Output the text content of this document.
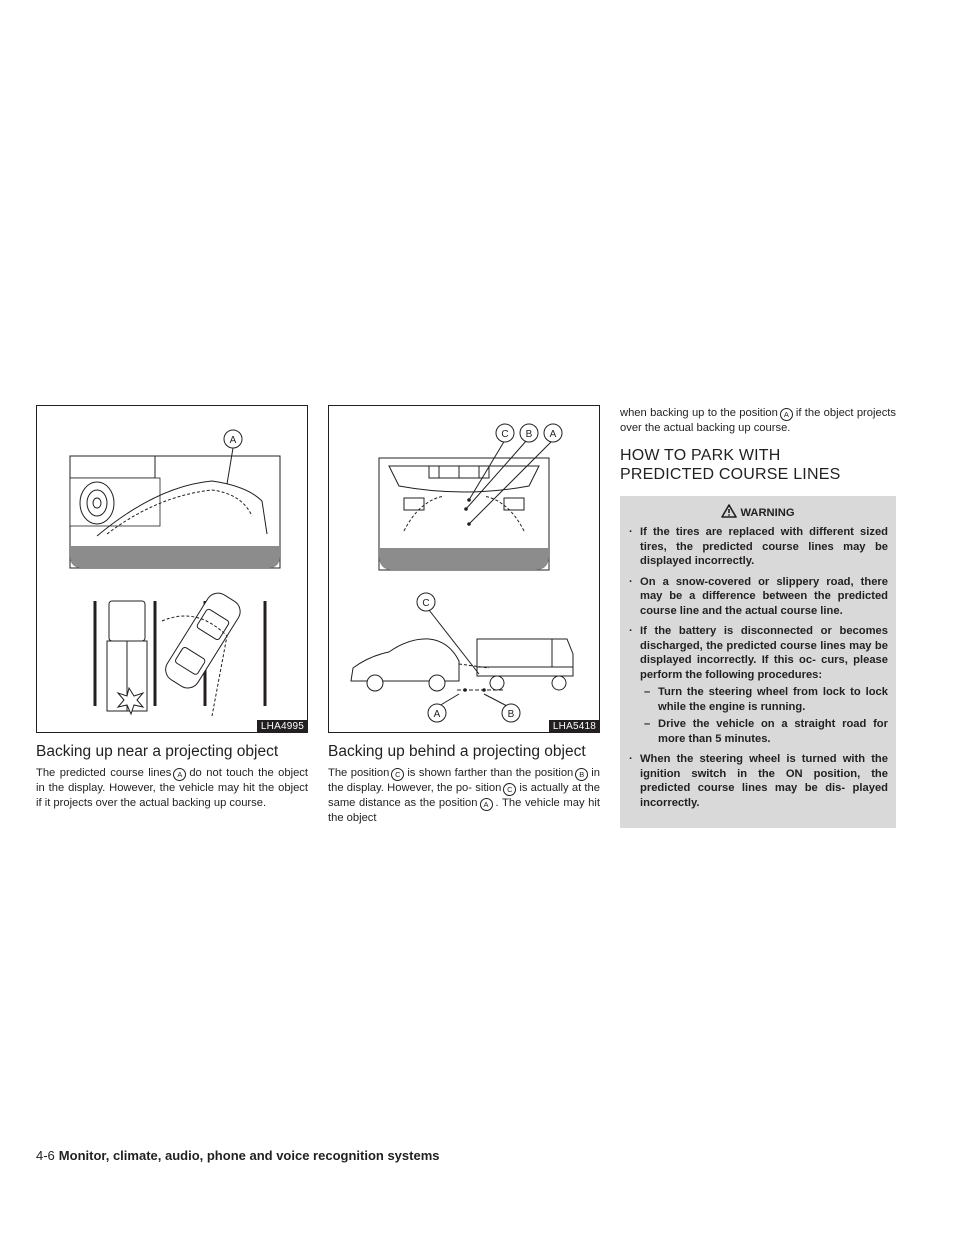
A
LHA4995
Backing up near a projecting object

The predicted course lines A do not touch the object in the display. However, the vehicle may hit the object if it projects over the actual backing up course.

C B A
C
A	B
LHA5418
Backing up behind a projecting object

The position C is shown farther than the position B in the display. However, the po- sition C is actually at the same distance as the position A . The vehicle may hit the object

when backing up to the position A if the object projects over the actual backing up course.

HOW TO PARK WITH
PREDICTED COURSE LINES
WARNING
· If the tires are replaced with different sized tires, the predicted course lines may be displayed incorrectly.
· On a snow-covered or slippery road, there may be a difference between the predicted course line and the actual course line.
· If the battery is disconnected or becomes discharged, the predicted course lines may be displayed incorrectly. If this oc- curs, please perform the following procedures:
– Turn the steering wheel from lock to lock while the engine is running.
– Drive the vehicle on a straight road for more than 5 minutes.
· When the steering wheel is turned with the ignition switch in the ON position, the predicted course lines may be dis- played incorrectly.
4-6 Monitor, climate, audio, phone and voice recognition systems
